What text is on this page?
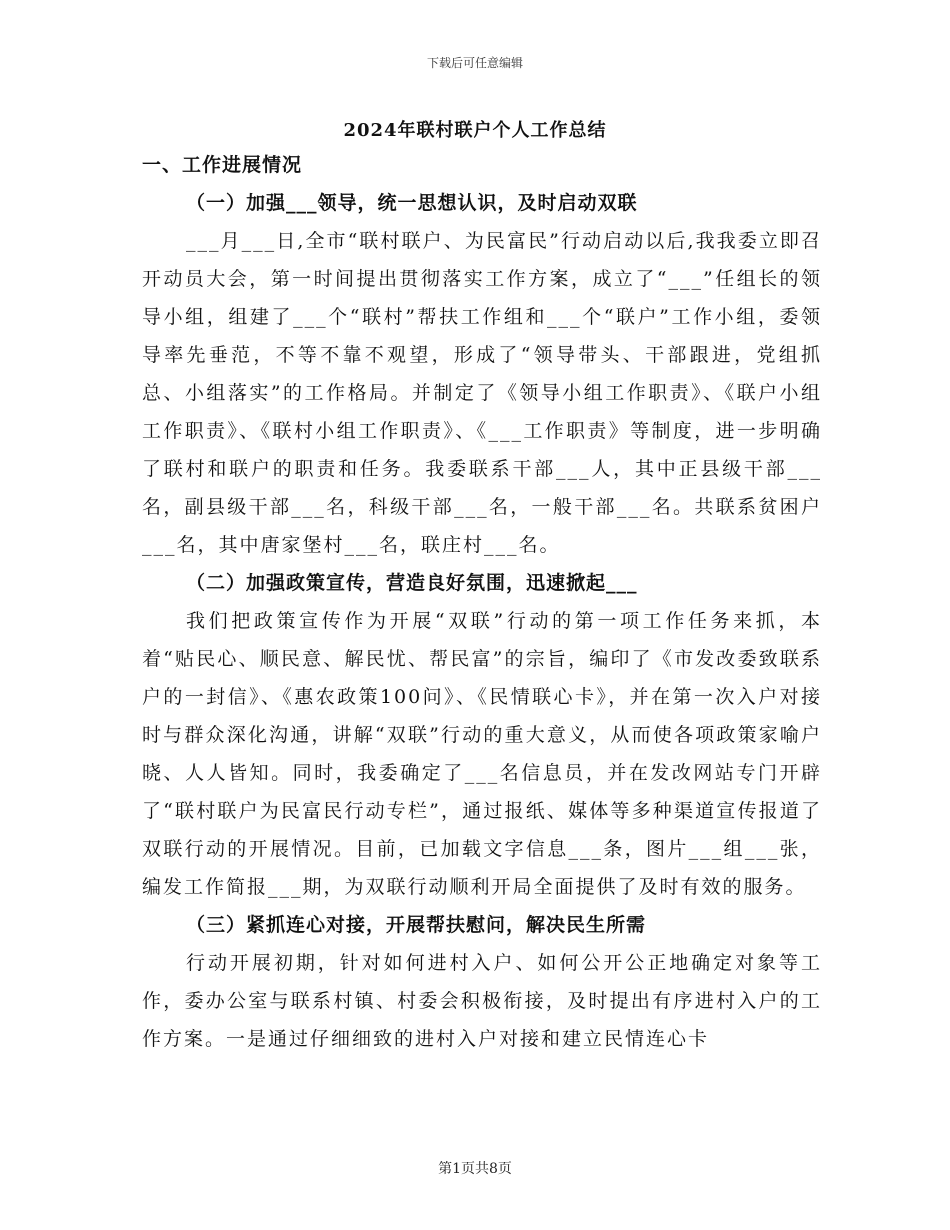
下载后可任意编辑
2024年联村联户个人工作总结

一、工作进展情况

（一）加强___领导，统一思想认识，及时启动双联

___月___日,全市“联村联户、为民富民”行动启动以后,我我委立即召开动员大会，第一时间提出贯彻落实工作方案，成立了“___”任组长的领导小组，组建了___个“联村”帮扶工作组和___个“联户”工作小组，委领导率先垂范，不等不靠不观望，形成了“领导带头、干部跟进，党组抓总、小组落实”的工作格局。并制定了《领导小组工作职责》、《联户小组工作职责》、《联村小组工作职责》、《___工作职责》等制度，进一步明确了联村和联户的职责和任务。我委联系干部___人，其中正县级干部___名，副县级干部___名，科级干部___名，一般干部___名。共联系贫困户___名，其中唐家堡村___名，联庄村___名。

（二）加强政策宣传，营造良好氛围，迅速掀起___

我们把政策宣传作为开展“双联”行动的第一项工作任务来抓，本着“贴民心、顺民意、解民忧、帮民富”的宗旨，编印了《市发改委致联系户的一封信》、《惠农政策100问》、《民情联心卡》，并在第一次入户对接时与群众深化沟通，讲解“双联”行动的重大意义，从而使各项政策家喻户晓、人人皆知。同时，我委确定了___名信息员，并在发改网站专门开辟了“联村联户为民富民行动专栏”，通过报纸、媒体等多种渠道宣传报道了双联行动的开展情况。目前，已加载文字信息___条，图片___组___张，编发工作简报___期，为双联行动顺利开局全面提供了及时有效的服务。

（三）紧抓连心对接，开展帮扶慰问，解决民生所需

行动开展初期，针对如何进村入户、如何公开公正地确定对象等工作，委办公室与联系村镇、村委会积极衔接，及时提出有序进村入户的工作方案。一是通过仔细细致的进村入户对接和建立民情连心卡

第1页共8页
